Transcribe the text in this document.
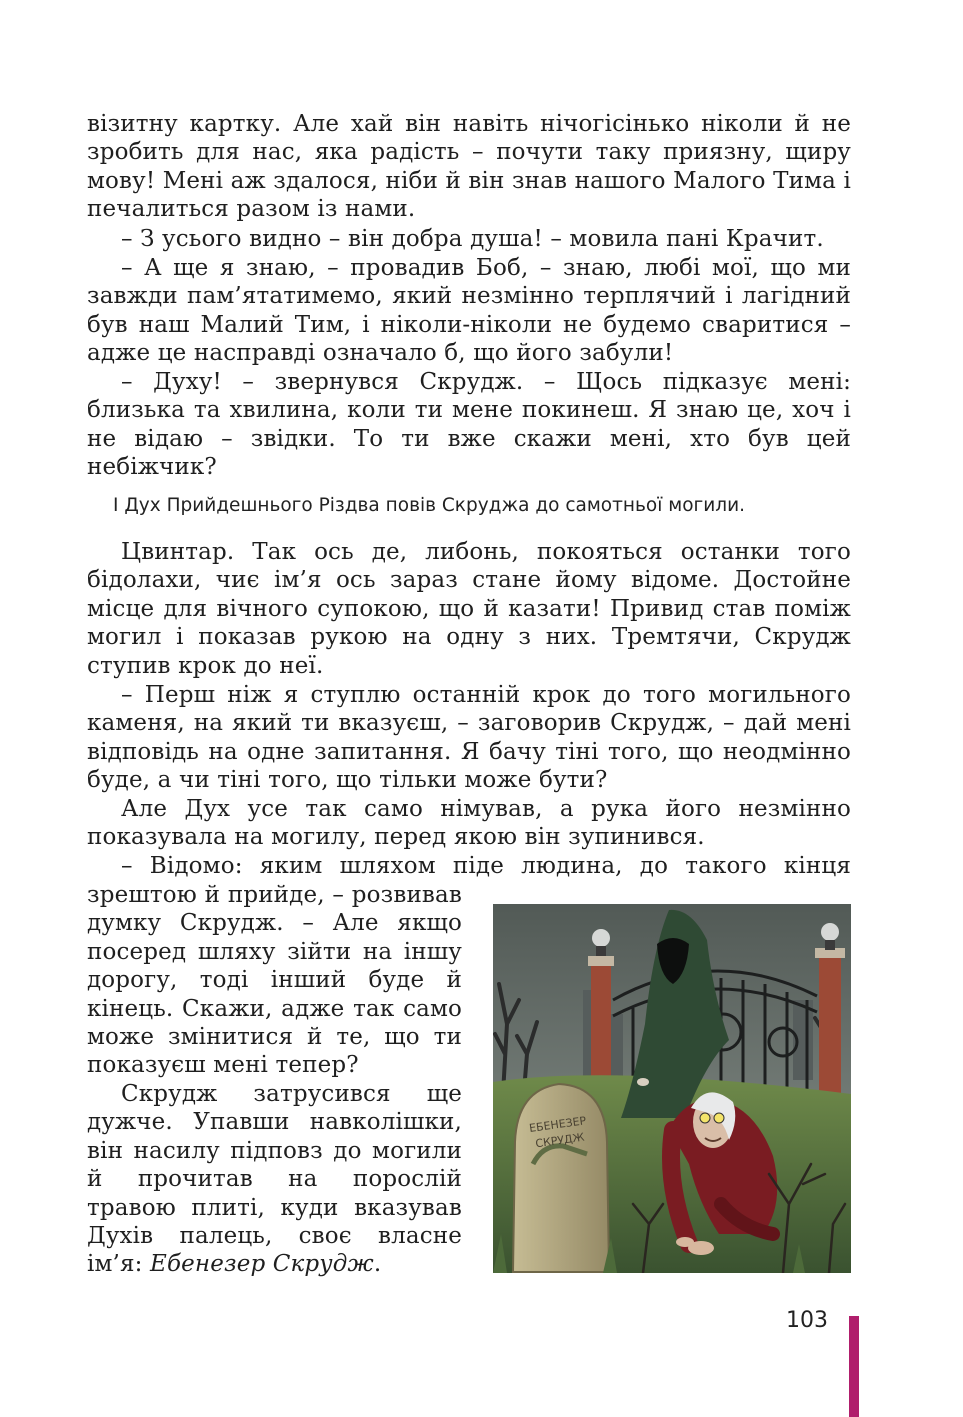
візитну картку. Але хай він навіть нічогісінько ніколи й не зробить для нас, яка радість – почути таку приязну, щиру мову! Мені аж здалося, ніби й він знав нашого Малого Тима і печалиться разом із нами.

– З усього видно – він добра душа! – мовила пані Крачит.

– А ще я знаю, – провадив Боб, – знаю, любі мої, що ми завжди пам’ятатимемо, який незмінно терплячий і лагідний був наш Малий Тим, і ніколи-ніколи не будемо сваритися – адже це насправді означало б, що його забули!

– Духу! – звернувся Скрудж. – Щось підказує мені: близька та хвилина, коли ти мене покинеш. Я знаю це, хоч і не відаю – звідки. То ти вже скажи мені, хто був цей небіжчик?

І Дух Прийдешнього Різдва повів Скруджа до самотньої могили.

Цвинтар. Так ось де, либонь, покояться останки того бідолахи, чиє ім’я ось зараз стане йому відоме. Достойне місце для вічного супокою, що й казати! Привид став поміж могил і показав рукою на одну з них. Тремтячи, Скрудж ступив крок до неї.

– Перш ніж я ступлю останній крок до того могильного каменя, на який ти вказуєш, – заговорив Скрудж, – дай мені відповідь на одне запитання. Я бачу тіні того, що неодмінно буде, а чи тіні того, що тільки може бути?

Але Дух усе так само німував, а рука його незмінно показувала на могилу, перед якою він зупинився.

– Відомо: яким шляхом піде людина, до такого кінця

зрештою й прийде, – розвивав думку Скрудж. – Але якщо посеред шляху зійти на іншу дорогу, тоді інший буде й кінець. Скажи, адже так само може змінитися й те, що ти показуєш мені тепер?

Скрудж затрусився ще дужче. Упавши навколішки, він насилу підповз до могили й прочитав на порослій травою плиті, куди вказував Духів палець, своє власне ім’я: Ебенезер Скрудж.

ЕБЕНЕЗЕР
СКРУДЖ
103
